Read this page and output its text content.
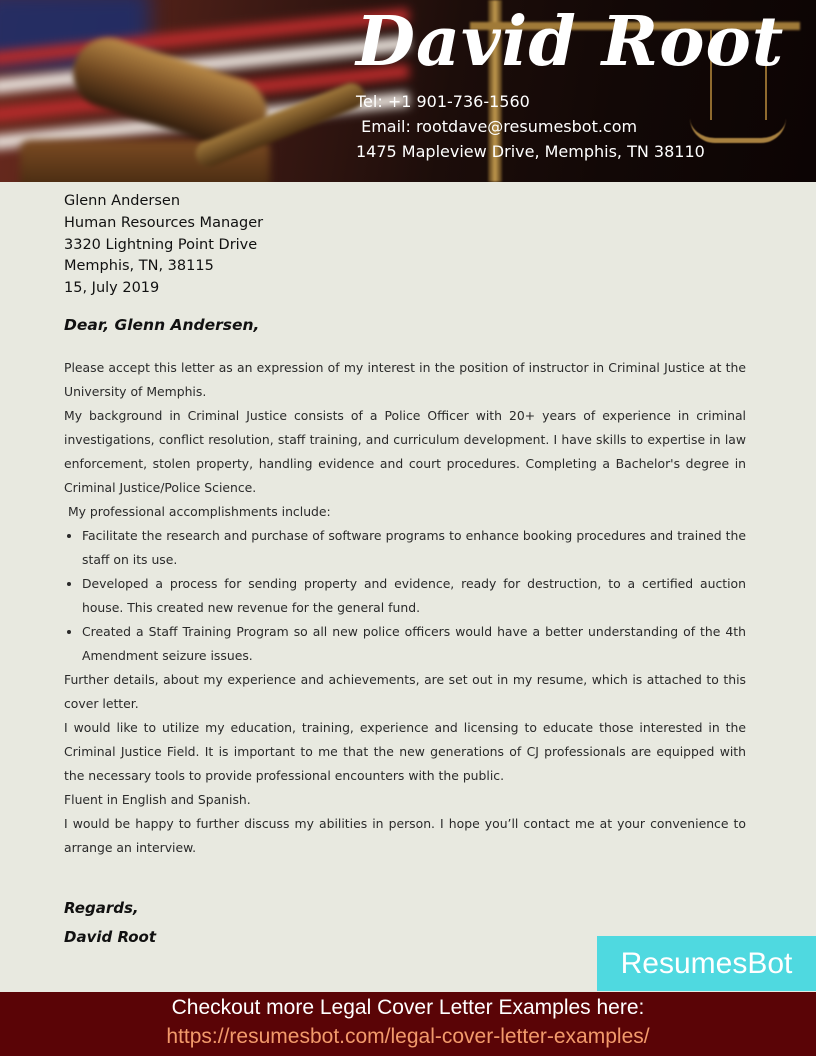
David Root

Tel: +1 901-736-1560

Email: rootdave@resumesbot.com

1475 Mapleview Drive, Memphis, TN 38110

Glenn Andersen
Human Resources Manager
3320 Lightning Point Drive
Memphis, TN, 38115
15, July 2019

Dear, Glenn Andersen,

Please accept this letter as an expression of my interest in the position of instructor in Criminal Justice at the University of Memphis.

My background in Criminal Justice consists of a Police Officer with 20+ years of experience in criminal investigations, conflict resolution, staff training, and curriculum development. I have skills to expertise in law enforcement, stolen property, handling evidence and court procedures. Completing a Bachelor's degree in Criminal Justice/Police Science.

My professional accomplishments include:

• Facilitate the research and purchase of software programs to enhance booking procedures and trained the staff on its use.
• Developed a process for sending property and evidence, ready for destruction, to a certified auction house. This created new revenue for the general fund.
• Created a Staff Training Program so all new police officers would have a better understanding of the 4th Amendment seizure issues.

Further details, about my experience and achievements, are set out in my resume, which is attached to this cover letter.

I would like to utilize my education, training, experience and licensing to educate those interested in the Criminal Justice Field. It is important to me that the new generations of CJ professionals are equipped with the necessary tools to provide professional encounters with the public.

Fluent in English and Spanish.

I would be happy to further discuss my abilities in person. I hope you’ll contact me at your convenience to arrange an interview.

Regards,
David Root
ResumesBot
Checkout more Legal Cover Letter Examples here:
https://resumesbot.com/legal-cover-letter-examples/
